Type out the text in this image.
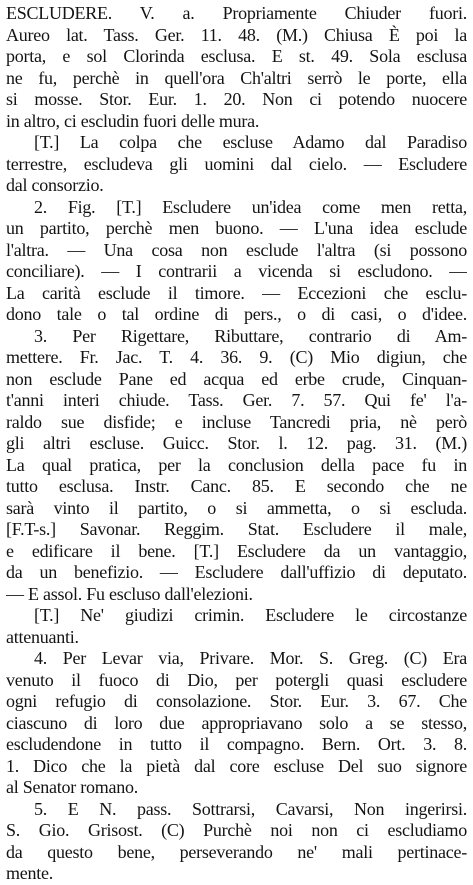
ESCLUDERE. V. a. Propriamente Chiuder fuori.
Aureo lat. Tass. Ger. 11. 48. (M.) Chiusa È poi la
porta, e sol Clorinda esclusa. E st. 49. Sola esclusa
ne fu, perchè in quell'ora Ch'altri serrò le porte, ella
si mosse. Stor. Eur. 1. 20. Non ci potendo nuocere
in altro, ci escludin fuori delle mura.
[T.] La colpa che escluse Adamo dal Paradiso
terrestre, escludeva gli uomini dal cielo. — Escludere
dal consorzio.
2. Fig. [T.] Escludere un'idea come men retta,
un partito, perchè men buono. — L'una idea esclude
l'altra. — Una cosa non esclude l'altra (si possono
conciliare). — I contrarii a vicenda si escludono. —
La carità esclude il timore. — Eccezioni che esclu-
dono tale o tal ordine di pers., o di casi, o d'idee.
3. Per Rigettare, Ributtare, contrario di Am-
mettere. Fr. Jac. T. 4. 36. 9. (C) Mio digiun, che
non esclude Pane ed acqua ed erbe crude, Cinquan-
t'anni interi chiude. Tass. Ger. 7. 57. Qui fe' l'a-
raldo sue disfide; e incluse Tancredi pria, nè però
gli altri escluse. Guicc. Stor. l. 12. pag. 31. (M.)
La qual pratica, per la conclusion della pace fu in
tutto esclusa. Instr. Canc. 85. E secondo che ne
sarà vinto il partito, o si ammetta, o si escluda.
[F.T-s.] Savonar. Reggim. Stat. Escludere il male,
e edificare il bene. [T.] Escludere da un vantaggio,
da un benefizio. — Escludere dall'uffizio di deputato.
— E assol. Fu escluso dall'elezioni.
[T.] Ne' giudizi crimin. Escludere le circostanze
attenuanti.
4. Per Levar via, Privare. Mor. S. Greg. (C) Era
venuto il fuoco di Dio, per potergli quasi escludere
ogni refugio di consolazione. Stor. Eur. 3. 67. Che
ciascuno di loro due appropriavano solo a se stesso,
escludendone in tutto il compagno. Bern. Ort. 3. 8.
1. Dico che la pietà dal core escluse Del suo signore
al Senator romano.
5. E N. pass. Sottrarsi, Cavarsi, Non ingerirsi.
S. Gio. Grisost. (C) Purchè noi non ci escludiamo
da questo bene, perseverando ne' mali pertinace-
mente.
